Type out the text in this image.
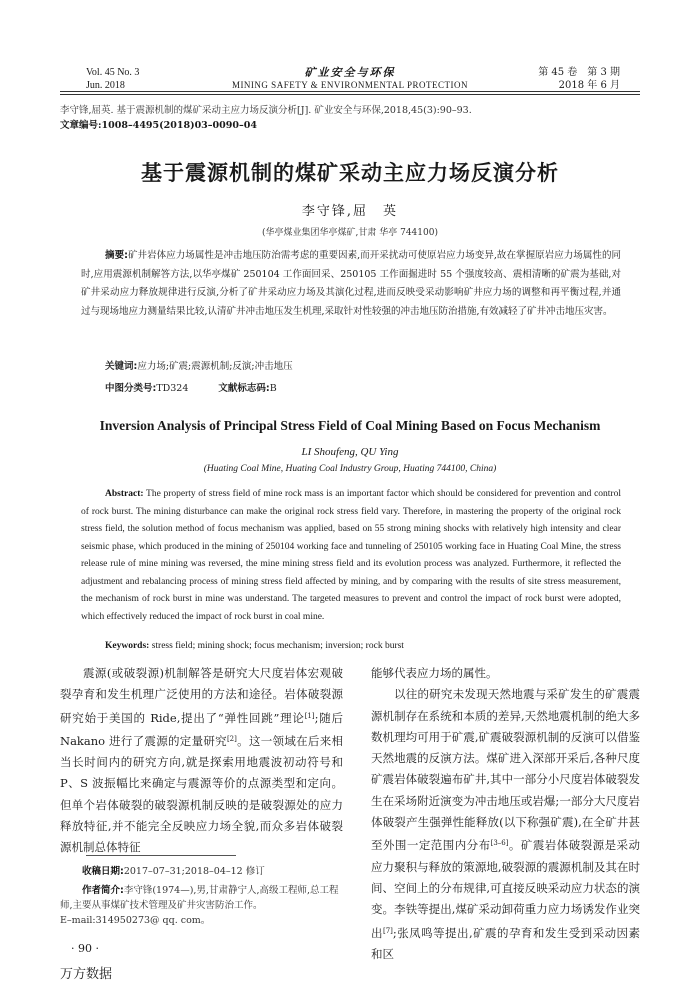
Vol. 45 No. 3
Jun. 2018
矿业安全与环保
MINING SAFETY & ENVIRONMENTAL PROTECTION
第 45 卷　第 3 期
2018 年 6 月
李守锋,屈英. 基于震源机制的煤矿采动主应力场反演分析[J]. 矿业安全与环保,2018,45(3):90–93.
文章编号:1008–4495(2018)03–0090–04
基于震源机制的煤矿采动主应力场反演分析
李守锋,屈　英
(华亭煤业集团华亭煤矿,甘肃 华亭 744100)
摘要:矿井岩体应力场属性是冲击地压防治需考虑的重要因素,而开采扰动可使原岩应力场变异,故在掌握原岩应力场属性的同时,应用震源机制解答方法,以华亭煤矿 250104 工作面回采、250105 工作面掘进时 55 个强度较高、震相清晰的矿震为基础,对矿井采动应力释放规律进行反演,分析了矿井采动应力场及其演化过程,进而反映受采动影响矿井应力场的调整和再平衡过程,并通过与现场地应力测量结果比较,认清矿井冲击地压发生机理,采取针对性较强的冲击地压防治措施,有效减轻了矿井冲击地压灾害。
关键词:应力场;矿震;震源机制;反演;冲击地压
中图分类号:TD324	文献标志码:B
Inversion Analysis of Principal Stress Field of Coal Mining Based on Focus Mechanism
LI Shoufeng, QU Ying
(Huating Coal Mine, Huating Coal Industry Group, Huating 744100, China)
Abstract: The property of stress field of mine rock mass is an important factor which should be considered for prevention and control of rock burst. The mining disturbance can make the original rock stress field vary. Therefore, in mastering the property of the original rock stress field, the solution method of focus mechanism was applied, based on 55 strong mining shocks with relatively high intensity and clear seismic phase, which produced in the mining of 250104 working face and tunneling of 250105 working face in Huating Coal Mine, the stress release rule of mine mining was reversed, the mine mining stress field and its evolution process was analyzed. Furthermore, it reflected the adjustment and rebalancing process of mining stress field affected by mining, and by comparing with the results of site stress measurement, the mechanism of rock burst in mine was understand. The targeted measures to prevent and control the impact of rock burst were adopted, which effectively reduced the impact of rock burst in coal mine.
Keywords: stress field; mining shock; focus mechanism; inversion; rock burst

震源(或破裂源)机制解答是研究大尺度岩体宏观破裂孕育和发生机理广泛使用的方法和途径。岩体破裂源研究始于美国的 Ride,提出了“弹性回跳”理论[1];随后 Nakano 进行了震源的定量研究[2]。这一领域在后来相当长时间内的研究方向,就是探索用地震波初动符号和 P、S 波振幅比来确定与震源等价的点源类型和定向。但单个岩体破裂的破裂源机制反映的是破裂源处的应力释放特征,并不能完全反映应力场全貌,而众多岩体破裂源机制总体特征

能够代表应力场的属性。

以往的研究未发现天然地震与采矿发生的矿震震源机制存在系统和本质的差异,天然地震机制的绝大多数机理均可用于矿震,矿震破裂源机制的反演可以借鉴天然地震的反演方法。煤矿进入深部开采后,各种尺度矿震岩体破裂遍布矿井,其中一部分小尺度岩体破裂发生在采场附近演变为冲击地压或岩爆;一部分大尺度岩体破裂产生强弹性能释放(以下称强矿震),在全矿井甚至外围一定范围内分布[3–6]。矿震岩体破裂源是采动应力聚积与释放的策源地,破裂源的震源机制及其在时间、空间上的分布规律,可直接反映采动应力状态的演变。李铁等提出,煤矿采动卸荷重力应力场诱发作业突出[7];张凤鸣等提出,矿震的孕育和发生受到采动因素和区

收稿日期:2017–07–31;2018–04–12 修订
作者简介:李守锋(1974—),男,甘肃静宁人,高级工程师,总工程师,主要从事煤矿技术管理及矿井灾害防治工作。
E–mail:314950273@ qq. com。
· 90 ·
万方数据
